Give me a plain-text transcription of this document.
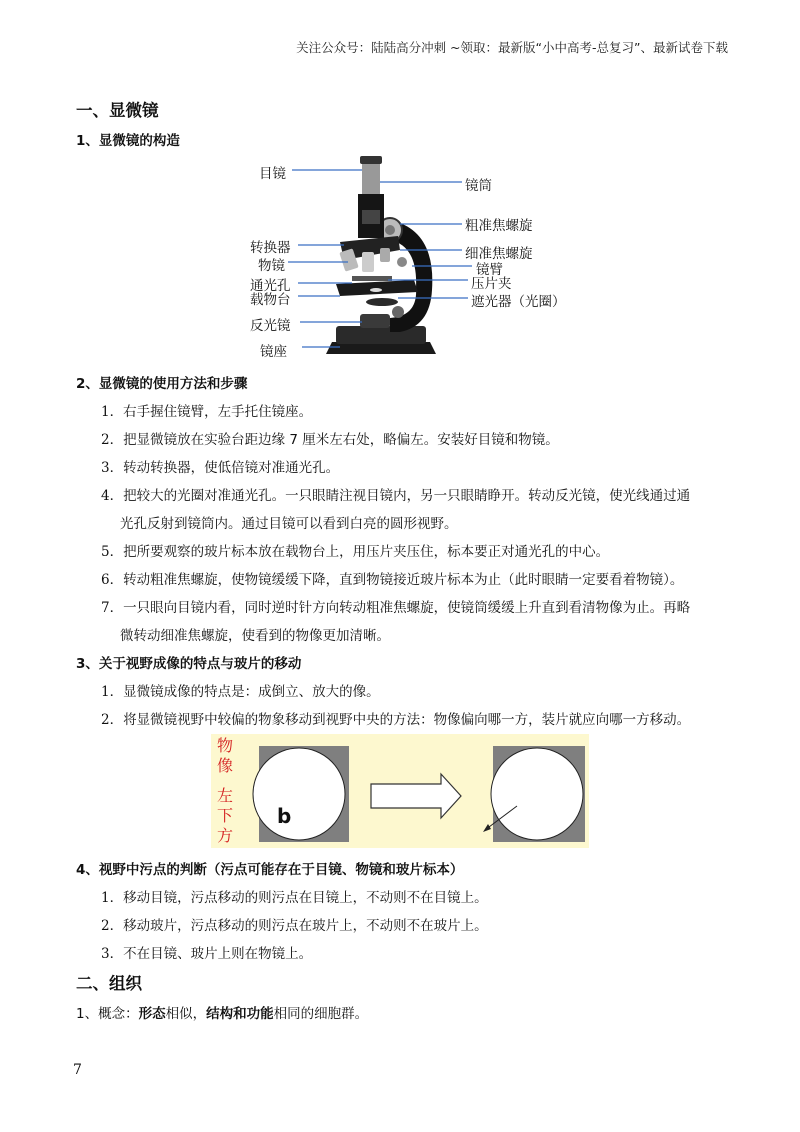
关注公众号：陆陆高分冲刺 ~领取：最新版“小中高考-总复习”、最新试卷下载
一、显微镜
1、显微镜的构造
目镜
镜筒
粗准焦螺旋
转换器	细准焦螺旋
物镜	镜臂
通光孔	压片夹
载物台	遮光器（光圈）
反光镜
镜座
2、显微镜的使用方法和步骤
1．右手握住镜臂，左手托住镜座。
2．把显微镜放在实验台距边缘 7 厘米左右处，略偏左。安装好目镜和物镜。
3．转动转换器，使低倍镜对准通光孔。
4．把较大的光圈对准通光孔。一只眼睛注视目镜内，另一只眼睛睁开。转动反光镜，使光线通过通
光孔反射到镜筒内。通过目镜可以看到白亮的圆形视野。
5．把所要观察的玻片标本放在载物台上，用压片夹压住，标本要正对通光孔的中心。
6．转动粗准焦螺旋，使物镜缓缓下降，直到物镜接近玻片标本为止（此时眼睛一定要看着物镜）。
7．一只眼向目镜内看，同时逆时针方向转动粗准焦螺旋，使镜筒缓缓上升直到看清物像为止。再略
微转动细准焦螺旋，使看到的物像更加清晰。
3、关于视野成像的特点与玻片的移动
1．显微镜成像的特点是：成倒立、放大的像。
2．将显微镜视野中较偏的物象移动到视野中央的方法：物像偏向哪一方，装片就应向哪一方移动。
物
像
左
下
方
b
4、视野中污点的判断（污点可能存在于目镜、物镜和玻片标本）
1．移动目镜，污点移动的则污点在目镜上，不动则不在目镜上。
2．移动玻片，污点移动的则污点在玻片上，不动则不在玻片上。
3．不在目镜、玻片上则在物镜上。
二、组织
1、概念：形态相似，结构和功能相同的细胞群。
7
